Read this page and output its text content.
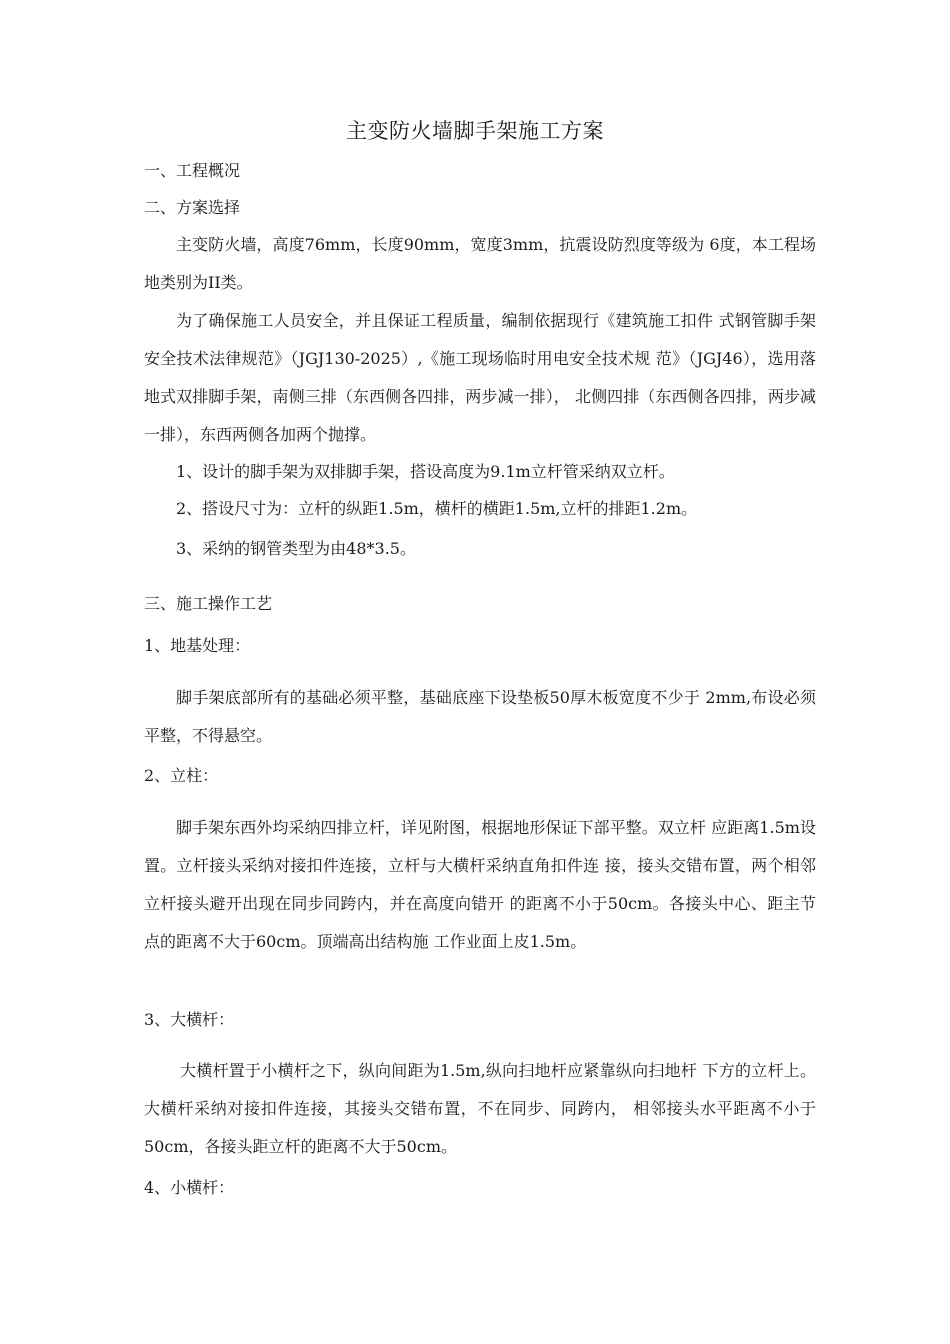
主变防火墙脚手架施工方案

一、工程概况

二、方案选择

主变防火墙，高度76mm，长度90mm，宽度3mm，抗震设防烈度等级为 6度，本工程场地类别为II类。

为了确保施工人员安全，并且保证工程质量，编制依据现行《建筑施工扣件 式钢管脚手架安全技术法律规范》（JGJ130-2025）,《施工现场临时用电安全技术规 范》（JGJ46），选用落地式双排脚手架，南侧三排（东西侧各四排，两步减一排）， 北侧四排（东西侧各四排，两步减一排），东西两侧各加两个抛撑。

1、设计的脚手架为双排脚手架，搭设高度为9.1m立杆管采纳双立杆。

2、搭设尺寸为：立杆的纵距1.5m，横杆的横距1.5m,立杆的排距1.2m。

3、采纳的钢管类型为由48*3.5。

三、施工操作工艺

1、地基处理：

脚手架底部所有的基础必须平整，基础底座下设垫板50厚木板宽度不少于 2mm,布设必须平整，不得悬空。

2、立柱：

脚手架东西外均采纳四排立杆，详见附图，根据地形保证下部平整。双立杆 应距离1.5m设置。立杆接头采纳对接扣件连接，立杆与大横杆采纳直角扣件连 接，接头交错布置，两个相邻立杆接头避开出现在同步同跨内，并在高度向错开 的距离不小于50cm。各接头中心、距主节点的距离不大于60cm。顶端高出结构施 工作业面上皮1.5m。

3、大横杆：

大横杆置于小横杆之下，纵向间距为1.5m,纵向扫地杆应紧靠纵向扫地杆 下方的立杆上。大横杆采纳对接扣件连接，其接头交错布置，不在同步、同跨内， 相邻接头水平距离不小于50cm，各接头距立杆的距离不大于50cm。

4、小横杆：
